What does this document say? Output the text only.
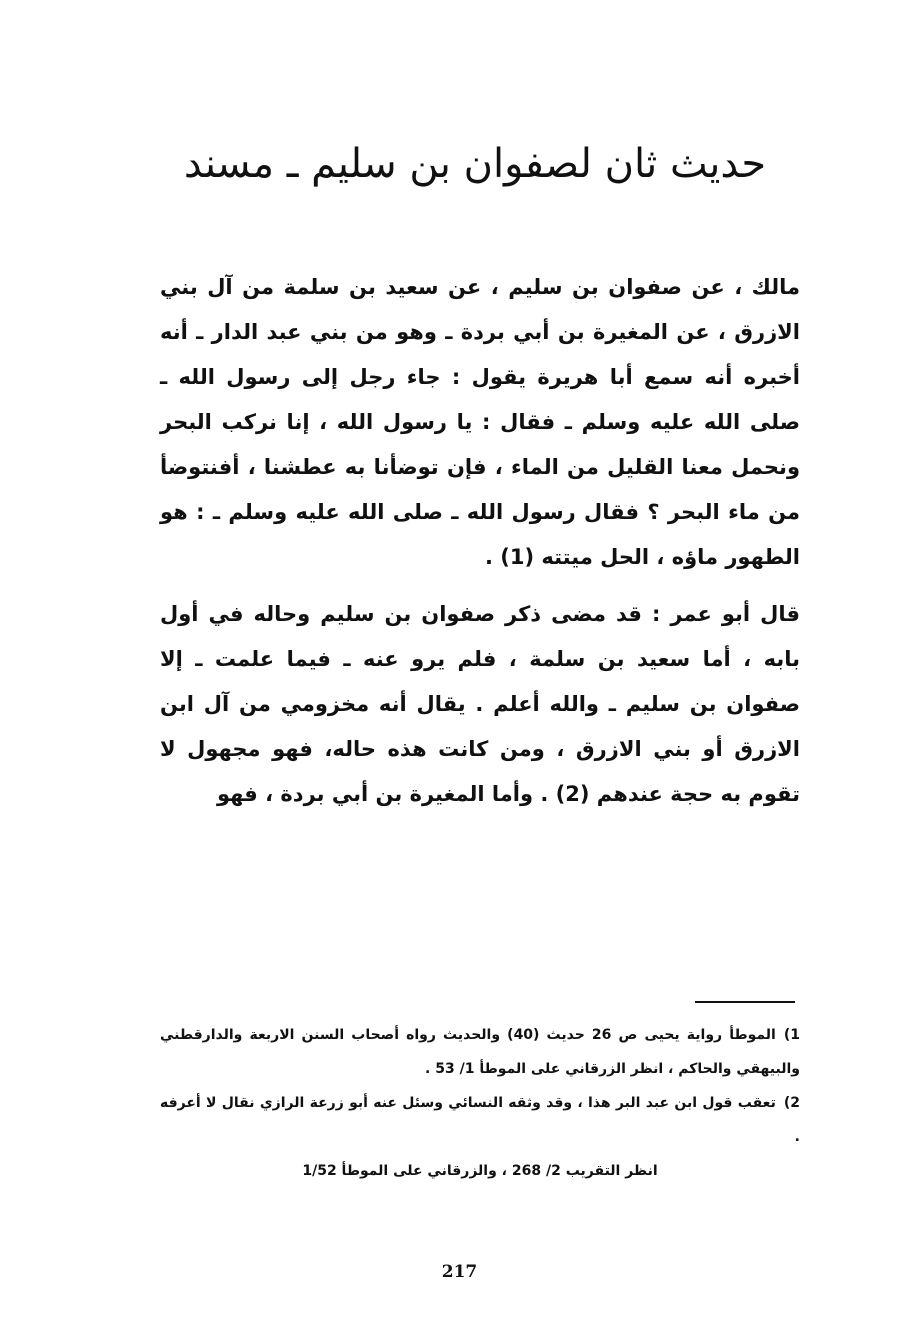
حديث ثان لصفوان بن سليم ـ مسند

مالك ، عن صفوان بن سليم ، عن سعيد بن سلمة من آل بني الازرق ، عن المغيرة بن أبي بردة ـ وهو من بني عبد الدار ـ أنه أخبره أنه سمع أبا هريرة يقول : جاء رجل إلى رسول الله ـ صلى الله عليه وسلم ـ فقال : يا رسول الله ، إنا نركب البحر ونحمل معنا القليل من الماء ، فإن توضأنا به عطشنا ، أفنتوضأ من ماء البحر ؟ فقال رسول الله ـ صلى الله عليه وسلم ـ : هو الطهور ماؤه ، الحل ميتته (1) .

قال أبو عمر : قد مضى ذكر صفوان بن سليم وحاله في أول بابه ، أما سعيد بن سلمة ، فلم يرو عنه ـ فيما علمت ـ إلا صفوان بن سليم ـ والله أعلم . يقال أنه مخزومي من آل ابن الازرق أو بني الازرق ، ومن كانت هذه حاله، فهو مجهول لا تقوم به حجة عندهم (2) . وأما المغيرة بن أبي بردة ، فهو

1)الموطأ رواية يحيى ص 26 حديث (40) والحديث رواه أصحاب السنن الاربعة والدارقطني والبيهقي والحاكم ، انظر الزرقاني على الموطأ 1/ 53 .

2)تعقب قول ابن عبد البر هذا ، وقد وثقه النسائي وسئل عنه أبو زرعة الرازي نقال لا أعرفه .

انظر التقريب 2/ 268 ، والزرقاني على الموطأ 1/52

217
